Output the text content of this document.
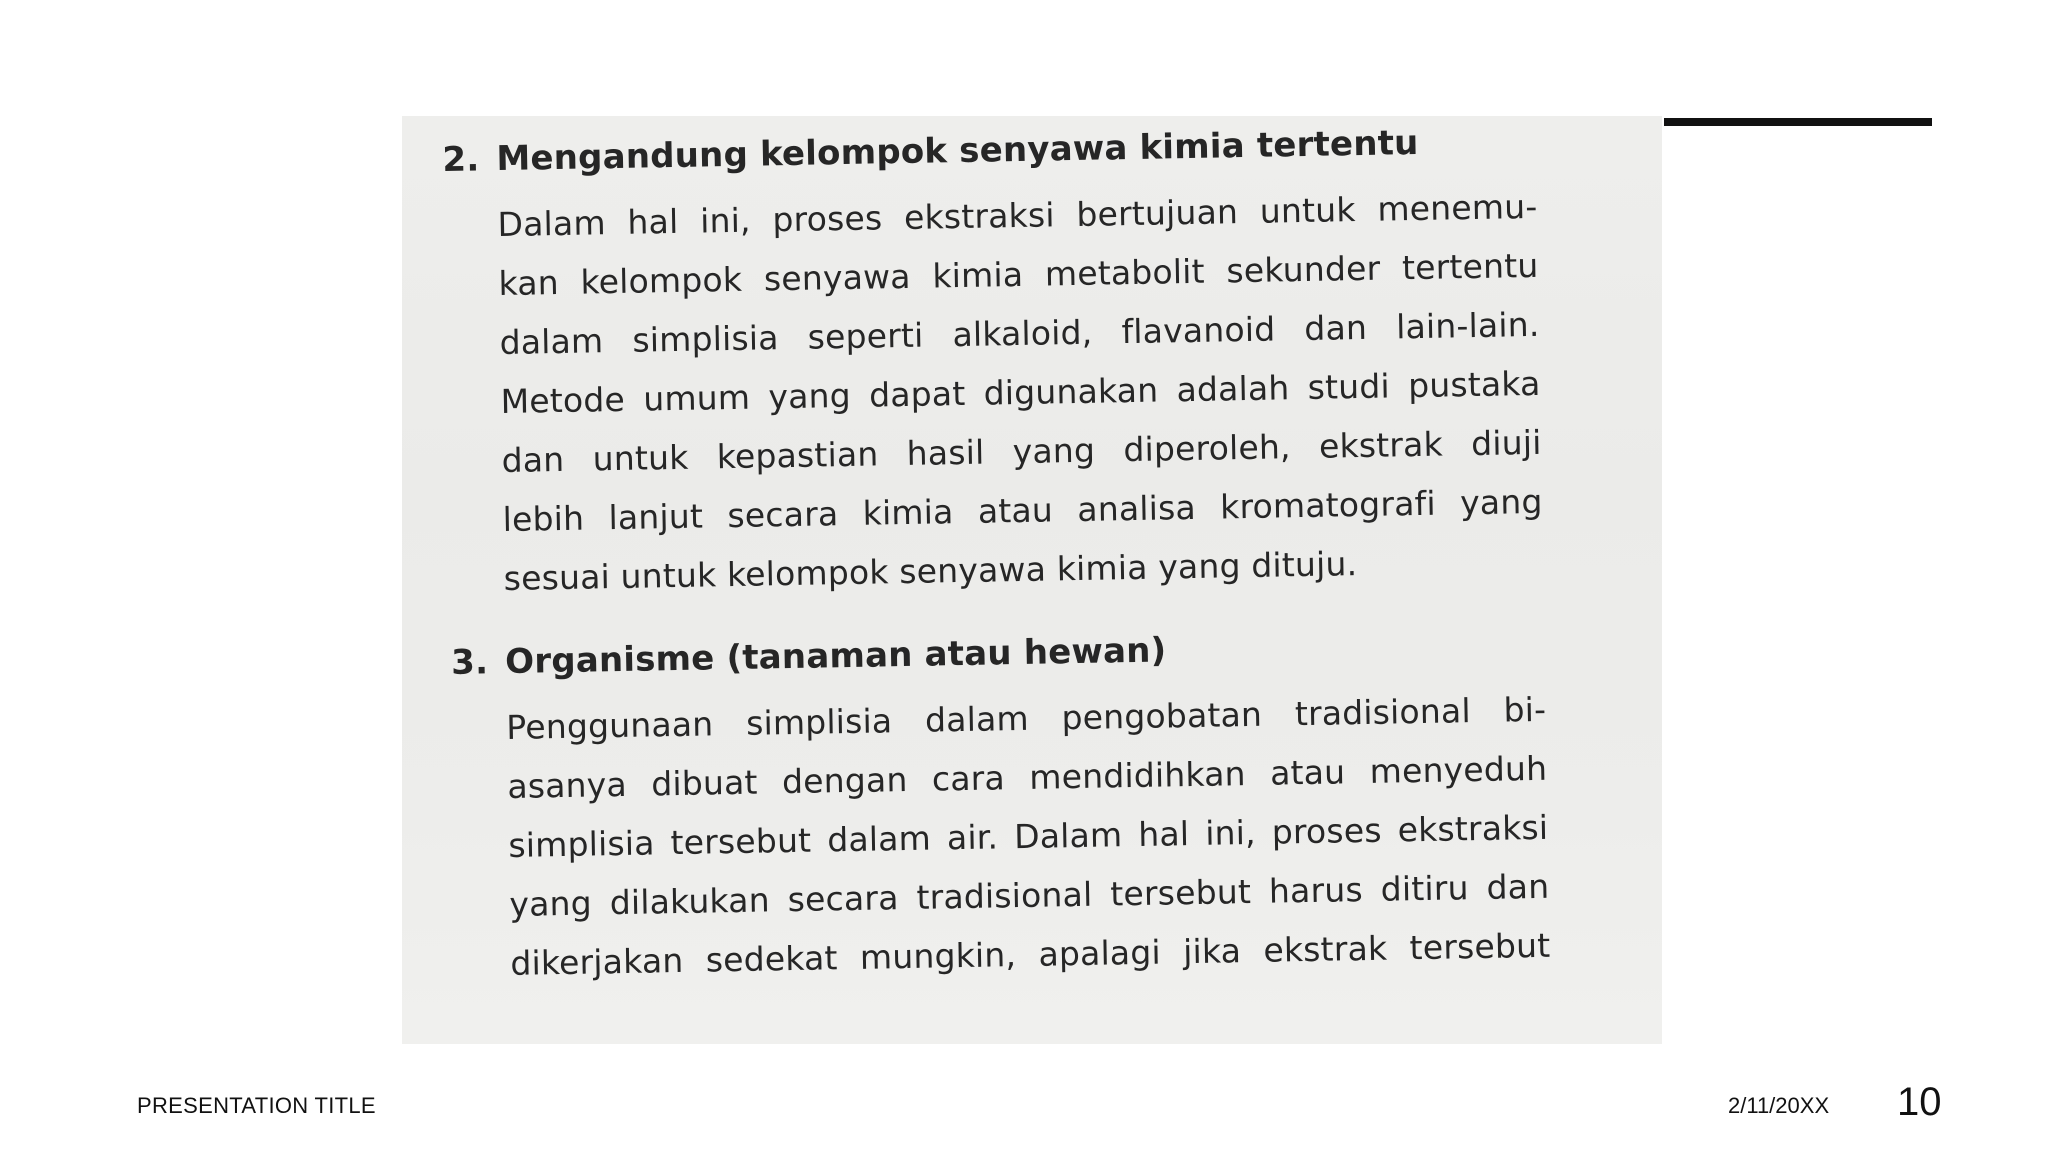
2. Mengandung kelompok senyawa kimia tertentu
Dalam hal ini, proses ekstraksi bertujuan untuk menemu-
kan kelompok senyawa kimia metabolit sekunder tertentu
dalam simplisia seperti alkaloid, flavanoid dan lain-lain.
Metode umum yang dapat digunakan adalah studi pustaka
dan untuk kepastian hasil yang diperoleh, ekstrak diuji
lebih lanjut secara kimia atau analisa kromatografi yang
sesuai untuk kelompok senyawa kimia yang dituju.
3. Organisme (tanaman atau hewan)
Penggunaan simplisia dalam pengobatan tradisional bi-
asanya dibuat dengan cara mendidihkan atau menyeduh
simplisia tersebut dalam air. Dalam hal ini, proses ekstraksi
yang dilakukan secara tradisional tersebut harus ditiru dan
dikerjakan sedekat mungkin, apalagi jika ekstrak tersebut
PRESENTATION TITLE	2/11/20XX 10
